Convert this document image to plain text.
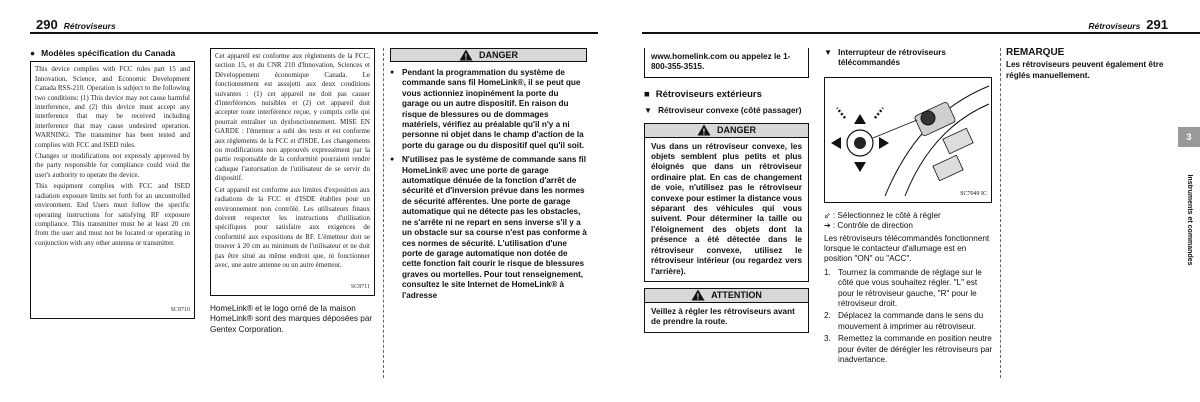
290 Rétroviseurs
● Modèles spécification du Canada

This device complies with FCC rules part 15 and Innovation, Science, and Economic Development Canada RSS-210. Operation is subject to the following two conditions: (1) This device may not cause harmful interference, and (2) this device must accept any interference that may be received including interference that may cause undesired operation. WARNING: The transmitter has been tested and complies with FCC and ISED rules.

Changes or modifications not expressly approved by the party responsible for compliance could void the user's authority to operate the device.

This equipment complies with FCC and ISED radiation exposure limits set forth for an uncontrolled environment. End Users must follow the specific operating instructions for satisfying RF exposure compliance. This transmitter must be at least 20 cm from the user and must not be located or operating in conjunction with any other antenna or transmitter.

SC8710

Cet appareil est conforme aux règlements de la FCC, section 15, et du CNR 210 d'Innovation, Sciences et Développement économique Canada. Le fonctionnement est assujetti aux deux conditions suivantes : (1) cet appareil ne doit pas causer d'interférences nuisibles et (2) cet appareil doit accepter toute interférence reçue, y compris celle qui pourrait entraîner un dysfonctionnement. MISE EN GARDE : l'émetteur a subi des tests et est conforme aux règlements de la FCC et d'ISDE. Les changements ou modifications non approuvés expressément par la partie responsable de la conformité pourraient rendre caduque l'autorisation de l'utilisateur de se servir du dispositif.

Cet appareil est conforme aux limites d'exposition aux radiations de la FCC et d'ISDE établies pour un environnement non contrôlé. Les utilisateurs finaux doivent respecter les instructions d'utilisation spécifiques pour satisfaire aux exigences de conformité aux expositions de RF. L'émetteur doit se trouver à 20 cm au minimum de l'utilisateur et ne doit pas être situé au même endroit que, ni fonctionner avec, une autre antenne ou un autre émetteur.

SC8711

HomeLink® et le logo orné de la maison HomeLink® sont des marques déposées par Gentex Corporation.

! DANGER
● Pendant la programmation du système de commande sans fil HomeLink®, il se peut que vous actionniez inopinément la porte du garage ou un autre dispositif. En raison du risque de blessures ou de dommages matériels, vérifiez au préalable qu'il n'y a ni personne ni objet dans le champ d'action de la porte du garage ou du dispositif quel qu'il soit.
● N'utilisez pas le système de commande sans fil HomeLink® avec une porte de garage automatique dénuée de la fonction d'arrêt de sécurité et d'inversion prévue dans les normes de sécurité afférentes. Une porte de garage automatique qui ne détecte pas les obstacles, ne s'arrête ni ne repart en sens inverse s'il y a un obstacle sur sa course n'est pas conforme à ces normes de sécurité. L'utilisation d'une porte de garage automatique non dotée de cette fonction fait courir le risque de blessures graves ou mortelles. Pour tout renseignement, consultez le site Internet de HomeLink® à l'adresse
Rétroviseurs 291
www.homelink.com ou appelez le 1-800-355-3515.
■ Rétroviseurs extérieurs
▼ Rétroviseur convexe (côté passager)
! DANGER

Vus dans un rétroviseur convexe, les objets semblent plus petits et plus éloignés que dans un rétroviseur ordinaire plat. En cas de changement de voie, n'utilisez pas le rétroviseur convexe pour estimer la distance vous séparant des véhicules qui vous suivent. Pour déterminer la taille ou l'éloignement des objets dont la présence a été détectée dans le rétroviseur convexe, utilisez le rétroviseur intérieur (ou regardez vers l'arrière).

! ATTENTION

Veillez à régler les rétroviseurs avant de prendre la route.

▼ Interrupteur de rétroviseurs télécommandés
SC7049 IC
⇙ : Sélectionnez le côté à régler
➔ : Contrôle de direction

Les rétroviseurs télécommandés fonctionnent lorsque le contacteur d'allumage est en position "ON" ou "ACC".

1. Tournez la commande de réglage sur le côté que vous souhaitez régler. "L" est pour le rétroviseur gauche, "R" pour le rétroviseur droit.
2. Déplacez la commande dans le sens du mouvement à imprimer au rétroviseur.
3. Remettez la commande en position neutre pour éviter de dérégler les rétroviseurs par inadvertance.
REMARQUE

Les rétroviseurs peuvent également être réglés manuellement.

3
Instruments et commandes
